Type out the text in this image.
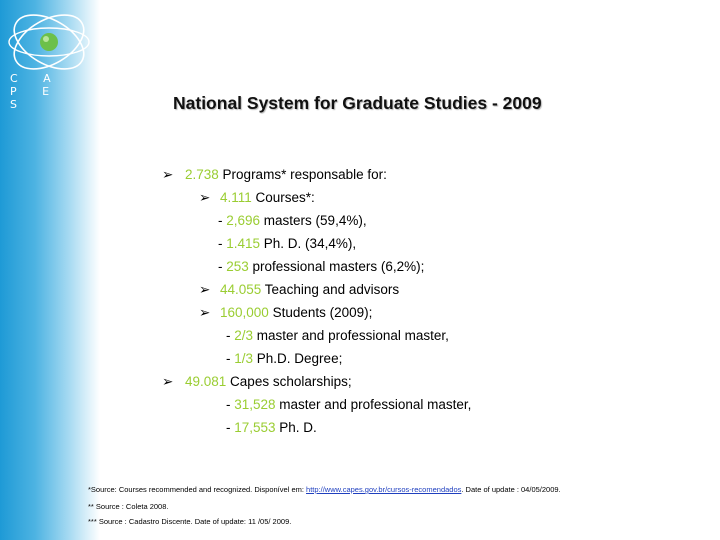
C A P E S	National System for Graduate Studies - 2009
➢ 2.738 Programs* responsable for:
➢ 4.111 Courses*:
- 2,696 masters (59,4%),
- 1.415 Ph. D. (34,4%),
- 253 professional masters (6,2%);
➢ 44.055 Teaching and advisors
➢ 160,000 Students (2009);
- 2/3 master and professional master,
- 1/3 Ph.D. Degree;
➢ 49.081 Capes scholarships;
- 31,528 master and professional master,
- 17,553 Ph. D.
*Source: Courses recommended and recognized. Disponível em: http://www.capes.gov.br/cursos-recomendados. Date of update : 04/05/2009.
** Source : Coleta 2008.
*** Source : Cadastro Discente. Date of update: 11 /05/ 2009.
